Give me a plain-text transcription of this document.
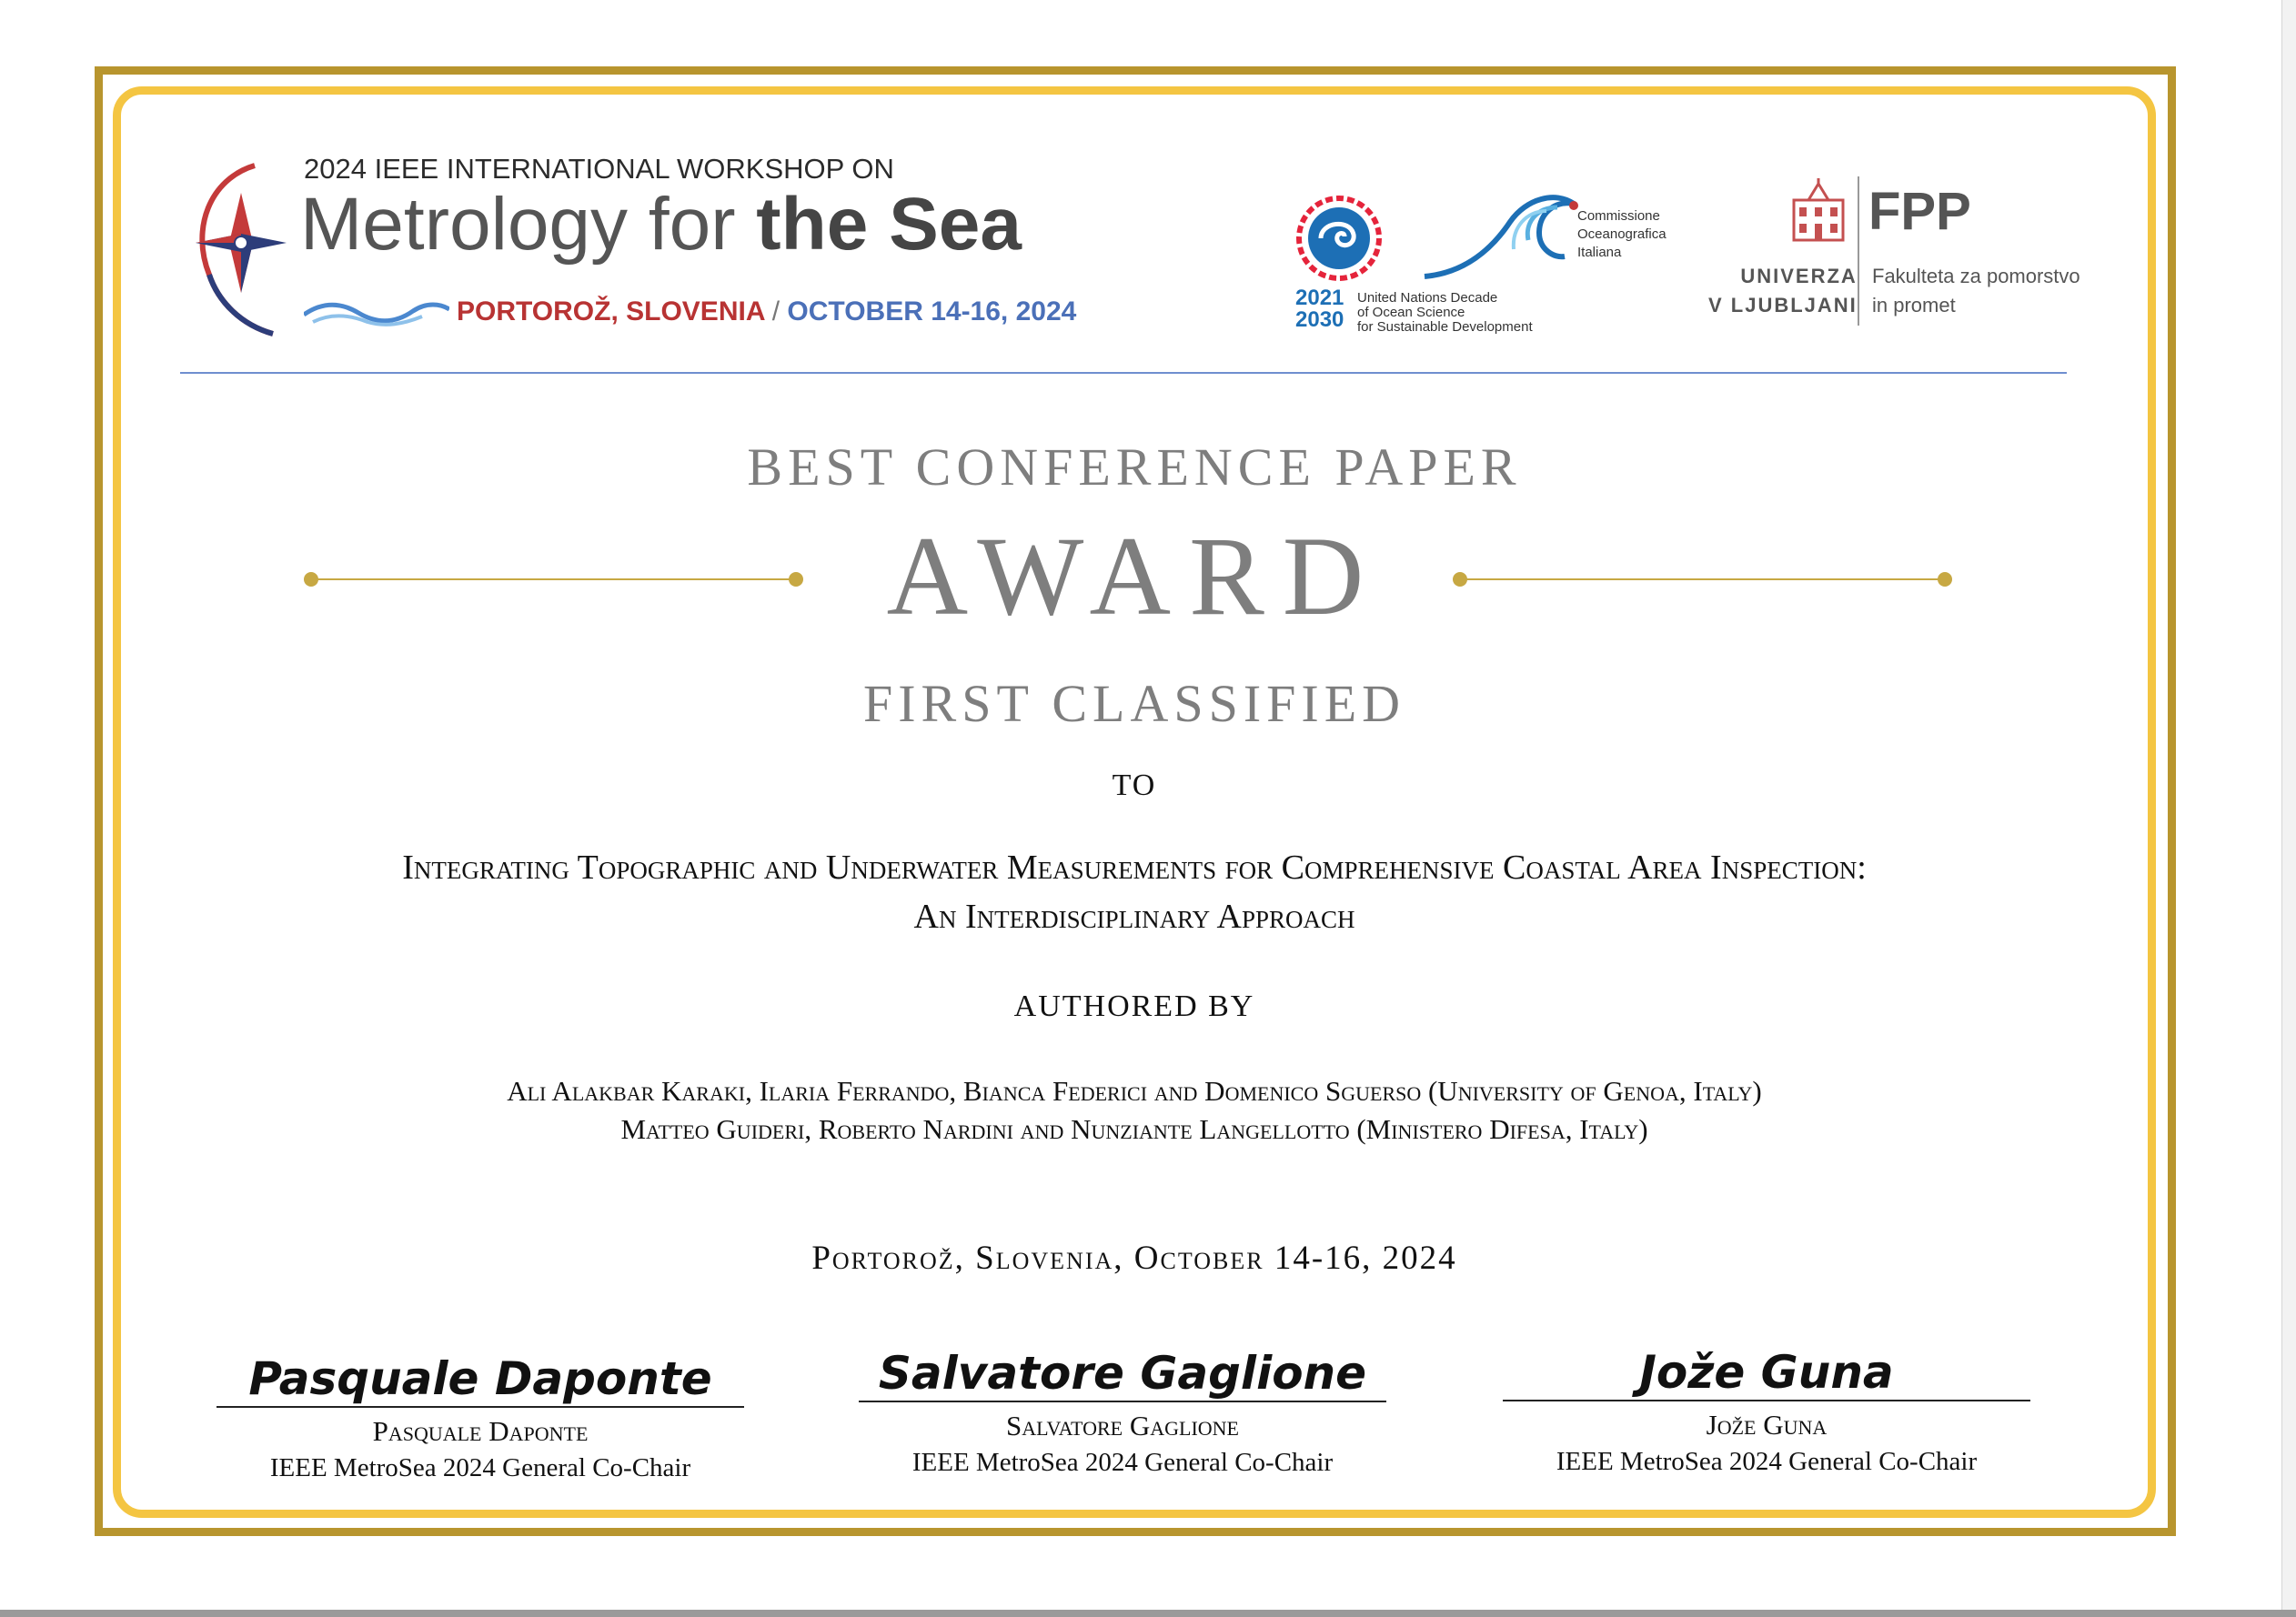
2024 IEEE INTERNATIONAL WORKSHOP ON
Metrology for the Sea
PORTOROŽ, SLOVENIA / OCTOBER 14-16, 2024	2021
2030
United Nations Decade
of Ocean Science
for Sustainable Development
Commissione
Oceanografica
Italiana
UNIVERZA
V LJUBLJANI
FPP
Fakulteta za pomorstvo
in promet
BEST CONFERENCE PAPER
AWARD
FIRST CLASSIFIED
TO
Integrating Topographic and Underwater Measurements for Comprehensive Coastal Area Inspection:
An Interdisciplinary Approach
AUTHORED BY
Ali Alakbar Karaki, Ilaria Ferrando, Bianca Federici and Domenico Sguerso (University of Genoa, Italy)
Matteo Guideri, Roberto Nardini and Nunziante Langellotto (Ministero Difesa, Italy)
Portorož, Slovenia, October 14-16, 2024
Pasquale Daponte
Pasquale Daponte
IEEE MetroSea 2024 General Co-Chair
Salvatore Gaglione
Salvatore Gaglione
IEEE MetroSea 2024 General Co-Chair
Jože Guna
Jože Guna
IEEE MetroSea 2024 General Co-Chair
